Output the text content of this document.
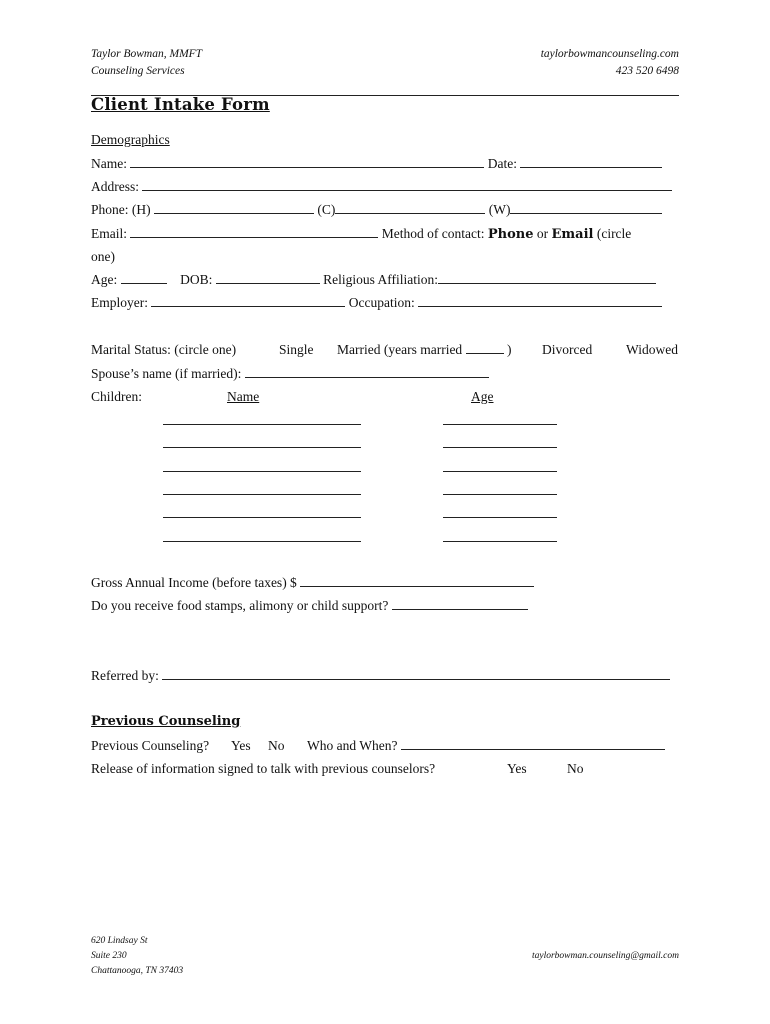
Taylor Bowman, MMFT
Counseling Services
taylorbowmancounseling.com
423 520 6498
Client Intake Form
Demographics
Name:	Date:
Address:
Phone: (H)	(C)	(W)
Email:	Method of contact: Phone or Email (circle
one)
Age:	DOB:	Religious Affiliation:
Employer:	Occupation:
Marital Status: (circle one)	Single Married (years married	) Divorced	Widowed
Spouse’s name (if married):
Children:	Name	Age
Gross Annual Income (before taxes) $
Do you receive food stamps, alimony or child support?
Referred by:
Previous Counseling
Previous Counseling? Yes No Who and When?
Release of information signed to talk with previous counselors?	Yes	No
620 Lindsay St
Suite 230
Chattanooga, TN 37403
taylorbowman.counseling@gmail.com
